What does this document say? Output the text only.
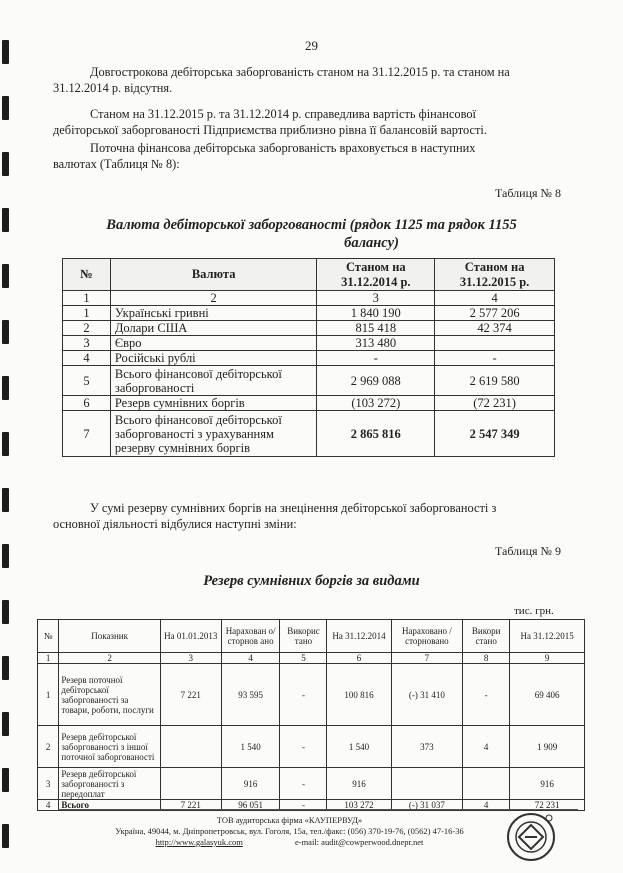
29

Довгострокова дебіторська заборгованість станом на 31.12.2015 р. та станом на

31.12.2014 р. відсутня.

Станом на 31.12.2015 р. та 31.12.2014 р. справедлива вартість фінансової

дебіторської заборгованості Підприємства приблизно рівна її балансовій вартості.

Поточна фінансова дебіторська заборгованість враховується в наступних

валютах (Таблиця № 8):

Таблиця № 8
Валюта дебіторської заборгованості (рядок 1125 та рядок 1155
балансу)
№	Валюта	Станом на 31.12.2014 р.	Станом на 31.12.2015 р.
1	2	3	4
1	Українські гривні	1 840 190	2 577 206
2	Долари США	815 418	42 374
3	Євро	313 480	
4	Російські рублі	-	-
5	Всього фінансової дебіторської заборгованості	2 969 088	2 619 580
6	Резерв сумнівних боргів	(103 272)	(72 231)
7	Всього фінансової дебіторської заборгованості з урахуванням резерву сумнівних боргів	2 865 816	2 547 349

У сумі резерву сумнівних боргів на знецінення дебіторської заборгованості з

основної діяльності відбулися наступні зміни:

Таблиця № 9
Резерв сумнівних боргів за видами
тис. грн.
№	Показник	На 01.01.2013	Нарахован о/сторнов ано	Викорис тано	На 31.12.2014	Нараховано /сторновано	Викори стано	На 31.12.2015
1	2	3	4	5	6	7	8	9
1	Резерв поточної дебіторської заборгованості за товари, роботи, послуги	7 221	93 595	-	100 816	(-) 31 410	-	69 406
2	Резерв дебіторської заборгованості з іншої поточної заборгованості		1 540	-	1 540	373	4	1 909
3	Резерв дебіторської заборгованості з передоплат		916	-	916			916
4	Всього	7 221	96 051	-	103 272	(-) 31 037	4	72 231
ТОВ аудиторська фірма «КАУПЕРВУД»
Україна, 49044, м. Дніпропетровськ, вул. Гоголя, 15а, тел./факс: (056) 370-19-76, (0562) 47-16-36
http://www.galasyuk.com	e-mail: audit@cowperwood.dnepr.net
